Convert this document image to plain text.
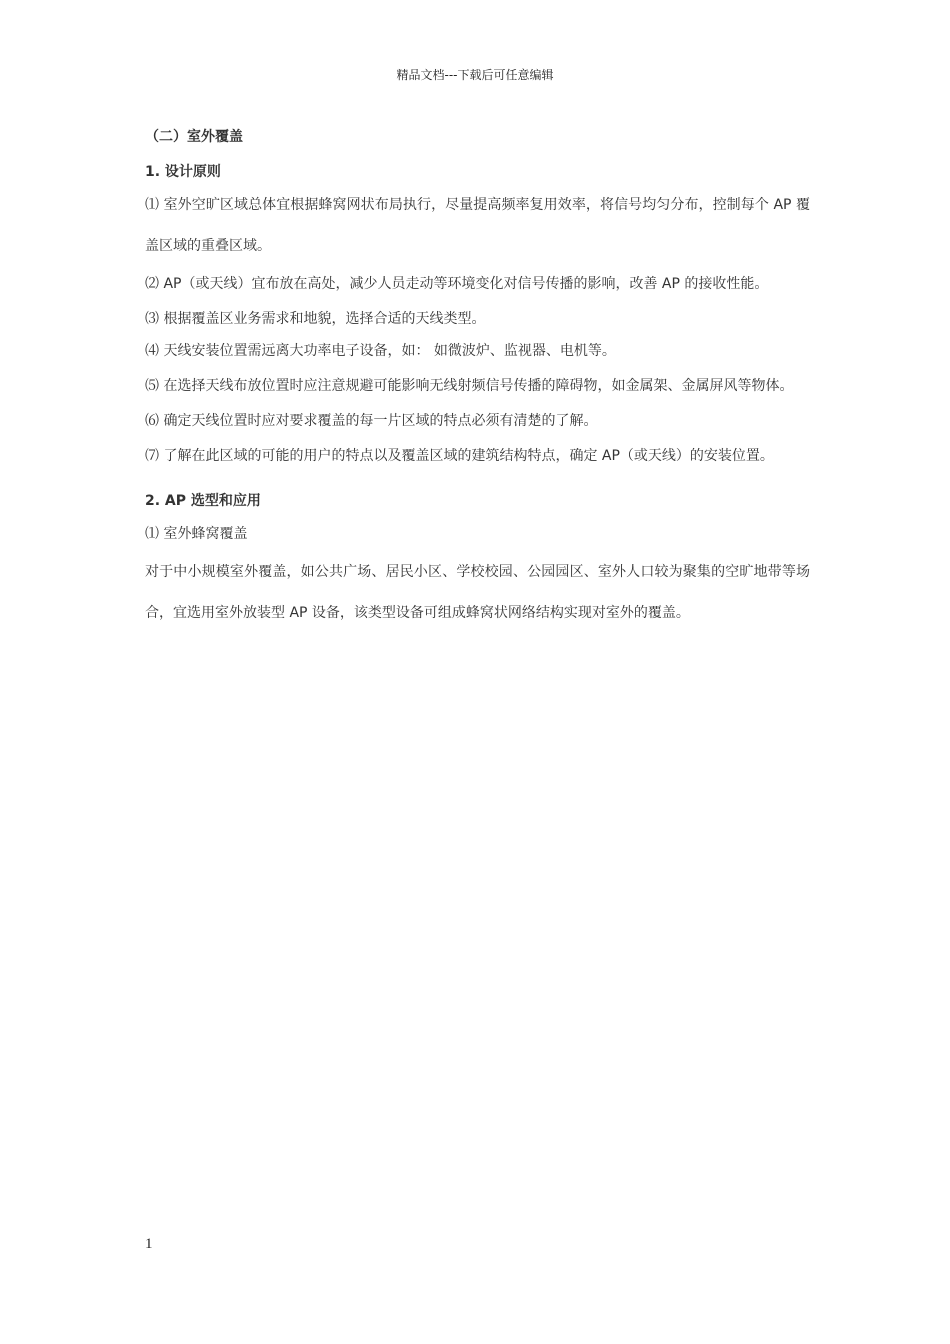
精品文档---下载后可任意编辑
（二）室外覆盖
1. 设计原则
⑴ 室外空旷区域总体宜根据蜂窝网状布局执行，尽量提高频率复用效率，将信号均匀分布，控制每个 AP 覆盖区域的重叠区域。
⑵ AP（或天线）宜布放在高处，减少人员走动等环境变化对信号传播的影响，改善 AP 的接收性能。
⑶ 根据覆盖区业务需求和地貌，选择合适的天线类型。
⑷ 天线安装位置需远离大功率电子设备，如： 如微波炉、监视器、电机等。
⑸ 在选择天线布放位置时应注意规避可能影响无线射频信号传播的障碍物，如金属架、金属屏风等物体。
⑹ 确定天线位置时应对要求覆盖的每一片区域的特点必须有清楚的了解。
⑺ 了解在此区域的可能的用户的特点以及覆盖区域的建筑结构特点，确定 AP（或天线）的安装位置。
2. AP 选型和应用
⑴ 室外蜂窝覆盖
对于中小规模室外覆盖，如公共广场、居民小区、学校校园、公园园区、室外人口较为聚集的空旷地带等场合，宜选用室外放装型 AP 设备，该类型设备可组成蜂窝状网络结构实现对室外的覆盖。
1
